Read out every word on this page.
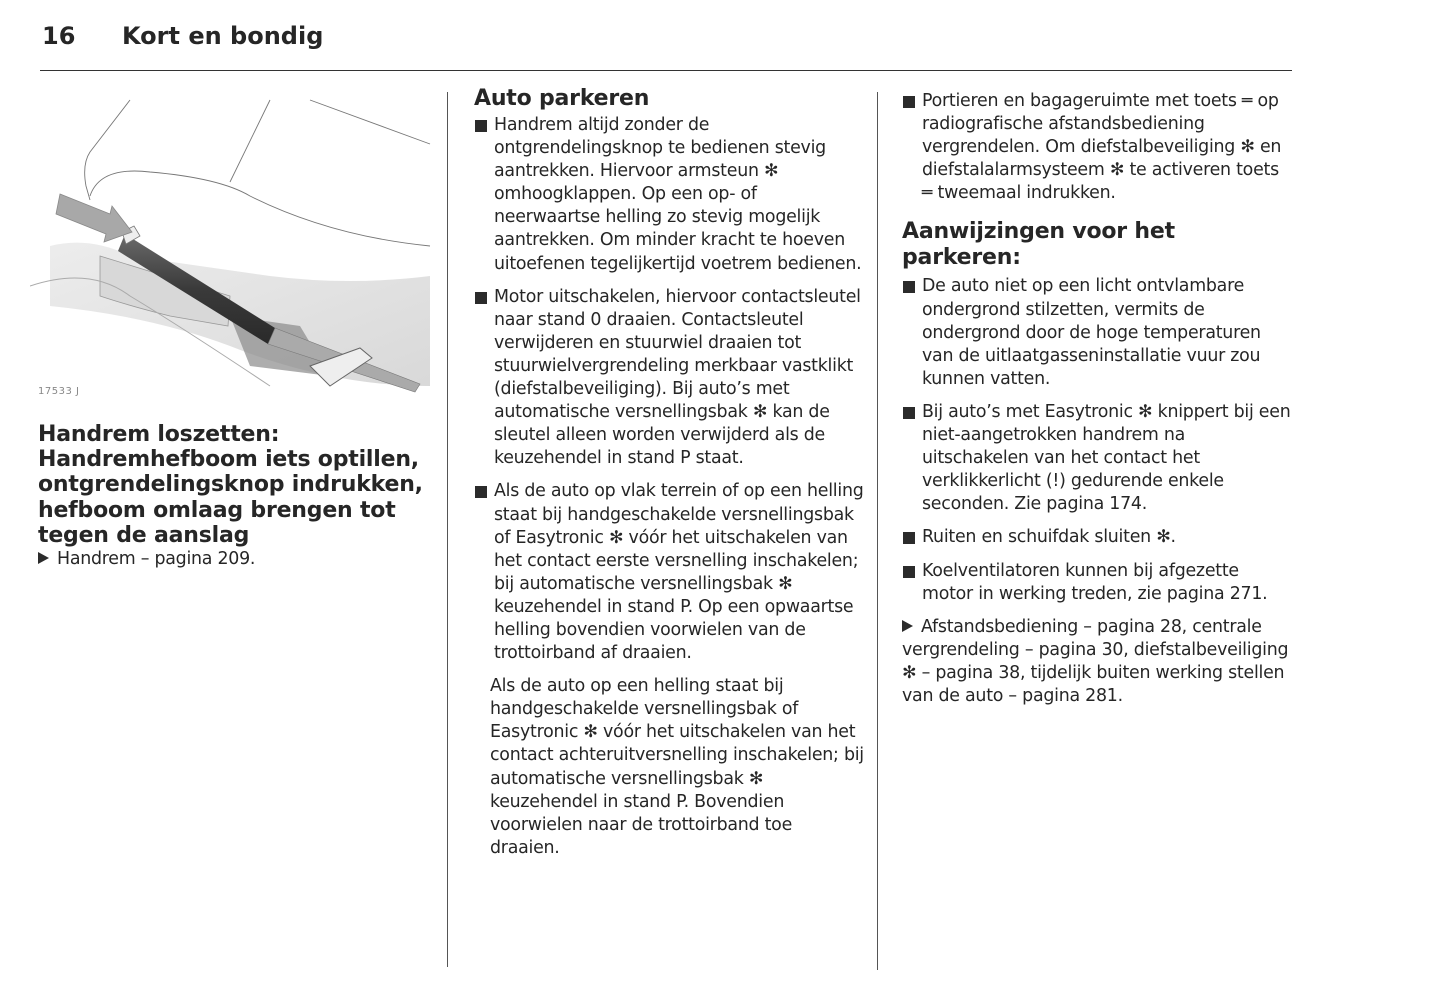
16 Kort en bondig
17533 J
Handrem loszetten:
Handremhefboom iets optillen,
ontgrendelingsknop indrukken,
hefboom omlaag brengen tot
tegen de aanslag
Handrem – pagina 209.
Auto parkeren
Handrem altijd zonder de ontgrendelingsknop te bedienen stevig aantrekken. Hiervoor armsteun ✻ omhoogklappen. Op een op- of neerwaartse helling zo stevig mogelijk aantrekken. Om minder kracht te hoeven uitoefenen tegelijkertijd voetrem bedienen.
Motor uitschakelen, hiervoor contactsleutel naar stand 0 draaien. Contactsleutel verwijderen en stuurwiel draaien tot stuurwielvergrendeling merkbaar vastklikt (diefstalbeveiliging). Bij auto’s met automatische versnellingsbak ✻ kan de sleutel alleen worden verwijderd als de keuzehendel in stand P staat.
Als de auto op vlak terrein of op een helling staat bij handgeschakelde versnellingsbak of Easytronic ✻ vóór het uitschakelen van het contact eerste versnelling inschakelen; bij automatische versnellingsbak ✻ keuzehendel in stand P. Op een opwaartse helling bovendien voorwielen van de trottoirband af draaien.
Als de auto op een helling staat bij handgeschakelde versnellingsbak of Easytronic ✻ vóór het uitschakelen van het contact achteruitversnelling inschakelen; bij automatische versnellingsbak ✻ keuzehendel in stand P. Bovendien voorwielen naar de trottoirband toe draaien.
Portieren en bagageruimte met toets ═ op radiografische afstandsbediening vergrendelen. Om diefstalbeveiliging ✻ en diefstalalarmsysteem ✻ te activeren toets ═ tweemaal indrukken.
Aanwijzingen voor het parkeren:
De auto niet op een licht ontvlambare ondergrond stilzetten, vermits de ondergrond door de hoge temperaturen van de uitlaatgasseninstallatie vuur zou kunnen vatten.
Bij auto’s met Easytronic ✻ knippert bij een niet-aangetrokken handrem na uitschakelen van het contact het verklikkerlicht (!) gedurende enkele seconden. Zie pagina 174.
Ruiten en schuifdak sluiten ✻.
Koelventilatoren kunnen bij afgezette motor in werking treden, zie pagina 271.
Afstandsbediening – pagina 28, centrale vergrendeling – pagina 30, diefstalbeveiliging ✻ – pagina 38, tijdelijk buiten werking stellen van de auto – pagina 281.
